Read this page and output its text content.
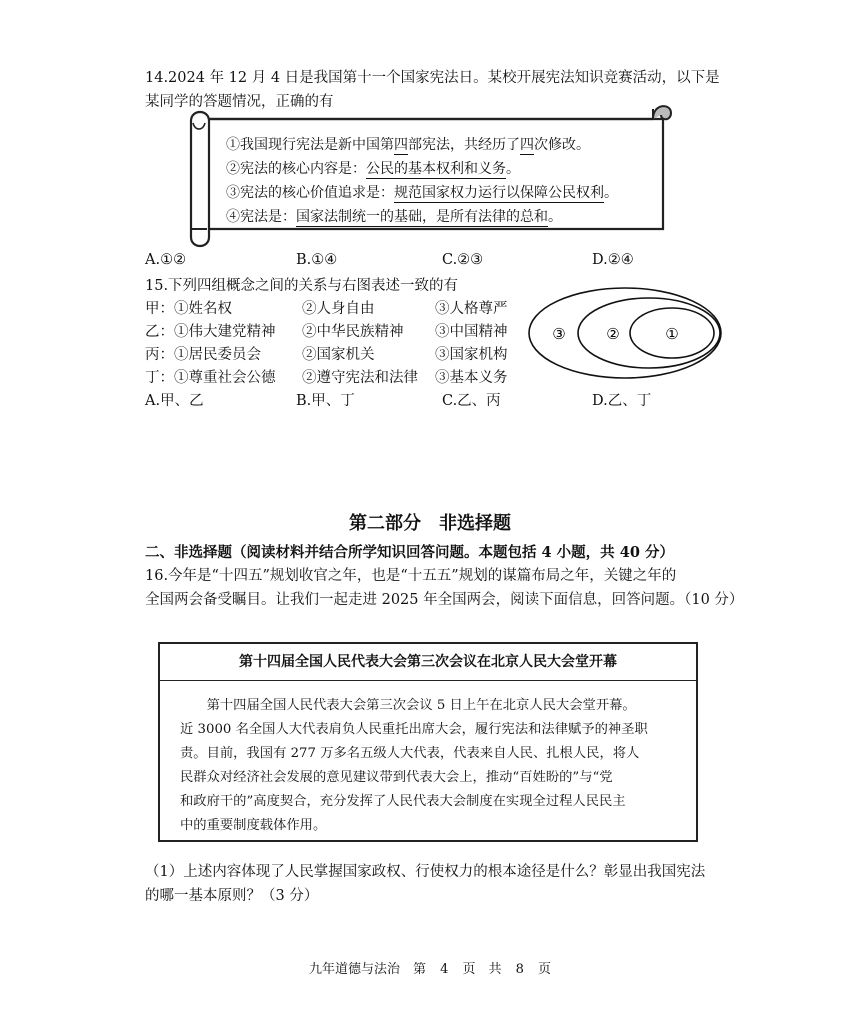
14.2024 年 12 月 4 日是我国第十一个国家宪法日。某校开展宪法知识竞赛活动，以下是
某同学的答题情况，正确的有
①我国现行宪法是新中国第四部宪法，共经历了四次修改。
②宪法的核心内容是：公民的基本权利和义务。
③宪法的核心价值追求是：规范国家权力运行以保障公民权利。
④宪法是：国家法制统一的基础，是所有法律的总和。
A.①②	B.①④	C.②③	D.②④
15.下列四组概念之间的关系与右图表述一致的有
甲：①姓名权	②人身自由	③人格尊严
乙：①伟大建党精神 ②中华民族精神 ③中国精神
丙：①居民委员会	②国家机关	③国家机构
丁：①尊重社会公德 ②遵守宪法和法律 ③基本义务
A.甲、乙	B.甲、丁	C.乙、丙	D.乙、丁
③	②	①
第二部分　非选择题
二、非选择题（阅读材料并结合所学知识回答问题。本题包括 4 小题，共 40 分）
16.今年是“十四五”规划收官之年，也是“十五五”规划的谋篇布局之年，关键之年的
全国两会备受瞩目。让我们一起走进 2025 年全国两会，阅读下面信息，回答问题。（10 分）
第十四届全国人民代表大会第三次会议在北京人民大会堂开幕
　　第十四届全国人民代表大会第三次会议 5 日上午在北京人民大会堂开幕。
近 3000 名全国人大代表肩负人民重托出席大会，履行宪法和法律赋予的神圣职
责。目前，我国有 277 万多名五级人大代表，代表来自人民、扎根人民，将人
民群众对经济社会发展的意见建议带到代表大会上，推动“百姓盼的”与“党
和政府干的”高度契合，充分发挥了人民代表大会制度在实现全过程人民民主
中的重要制度载体作用。
（1）上述内容体现了人民掌握国家政权、行使权力的根本途径是什么？彰显出我国宪法
的哪一基本原则？（3 分）
九年道德与法治　第 4 页　共 8 页
